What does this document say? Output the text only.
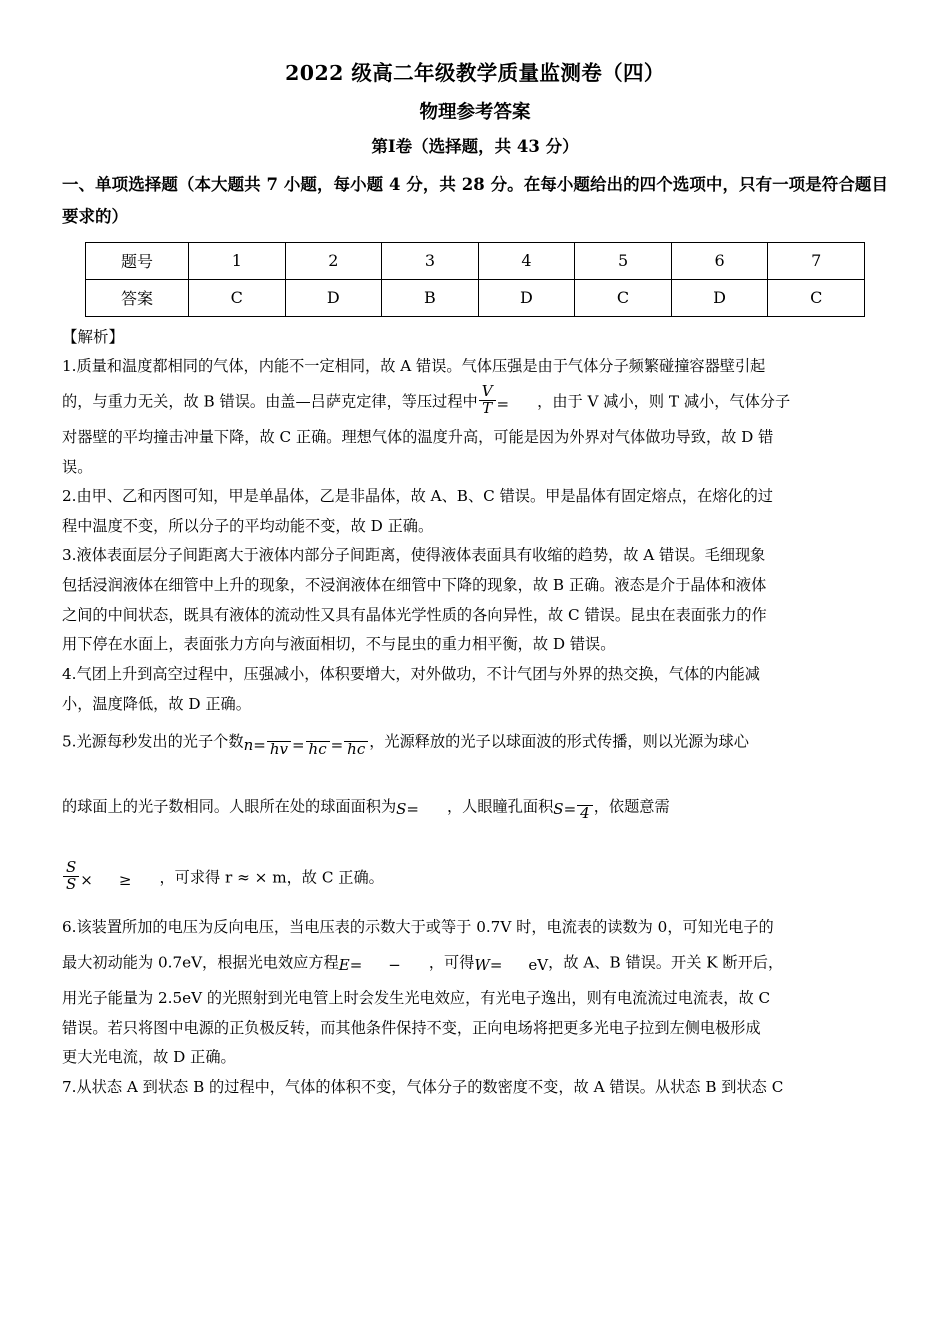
2022 级高二年级教学质量监测卷（四）
物理参考答案
第Ⅰ卷（选择题，共 43 分）
一、单项选择题（本大题共 7 小题，每小题 4 分，共 28 分。在每小题给出的四个选项中，只有一项是符合题目要求的）
题号	1	2	3	4	5	6	7
答案	C	D	B	D	C	D	C
【解析】

1.质量和温度都相同的气体，内能不一定相同，故 A 错误。气体压强是由于气体分子频繁碰撞容器壁引起

的，与重力无关，故 B 错误。由盖—吕萨克定律，等压过程中 $\frac{V}{T}$ = ，由于 V 减小，则 T 减小，气体分子

对器壁的平均撞击冲量下降，故 C 正确。理想气体的温度升高，可能是因为外界对气体做功导致，故 D 错

误。

2.由甲、乙和丙图可知，甲是单晶体，乙是非晶体，故 A、B、C 错误。甲是晶体有固定熔点，在熔化的过

程中温度不变，所以分子的平均动能不变，故 D 正确。

3.液体表面层分子间距离大于液体内部分子间距离，使得液体表面具有收缩的趋势，故 A 错误。毛细现象

包括浸润液体在细管中上升的现象，不浸润液体在细管中下降的现象，故 B 正确。液态是介于晶体和液体

之间的中间状态，既具有液体的流动性又具有晶体光学性质的各向异性，故 C 错误。昆虫在表面张力的作

用下停在水面上，表面张力方向与液面相切，不与昆虫的重力相平衡，故 D 错误。

4.气团上升到高空过程中，压强减小，体积要增大，对外做功，不计气团与外界的热交换，气体的内能减

小，温度降低，故 D 正确。

5.光源每秒发出的光子个数n=
hv =
hc =
hc ，光源释放的光子以球面波的形式传播，则以光源为球心

的球面上的光子数相同。人眼所在处的球面面积为S= ，人眼瞳孔面积S=
4 ，依题意需

$\frac{S}{S}$ × ≥ ，可求得 r ≈ × m，故 C 正确。

6.该装置所加的电压为反向电压，当电压表的示数大于或等于 0.7V 时，电流表的读数为 0，可知光电子的

最大初动能为 0.7eV，根据光电效应方程E= − ，可得W= eV，故 A、B 错误。开关 K 断开后，

用光子能量为 2.5eV 的光照射到光电管上时会发生光电效应，有光电子逸出，则有电流流过电流表，故 C

错误。若只将图中电源的正负极反转，而其他条件保持不变，正向电场将把更多光电子拉到左侧电极形成

更大光电流，故 D 正确。

7.从状态 A 到状态 B 的过程中，气体的体积不变，气体分子的数密度不变，故 A 错误。从状态 B 到状态 C
